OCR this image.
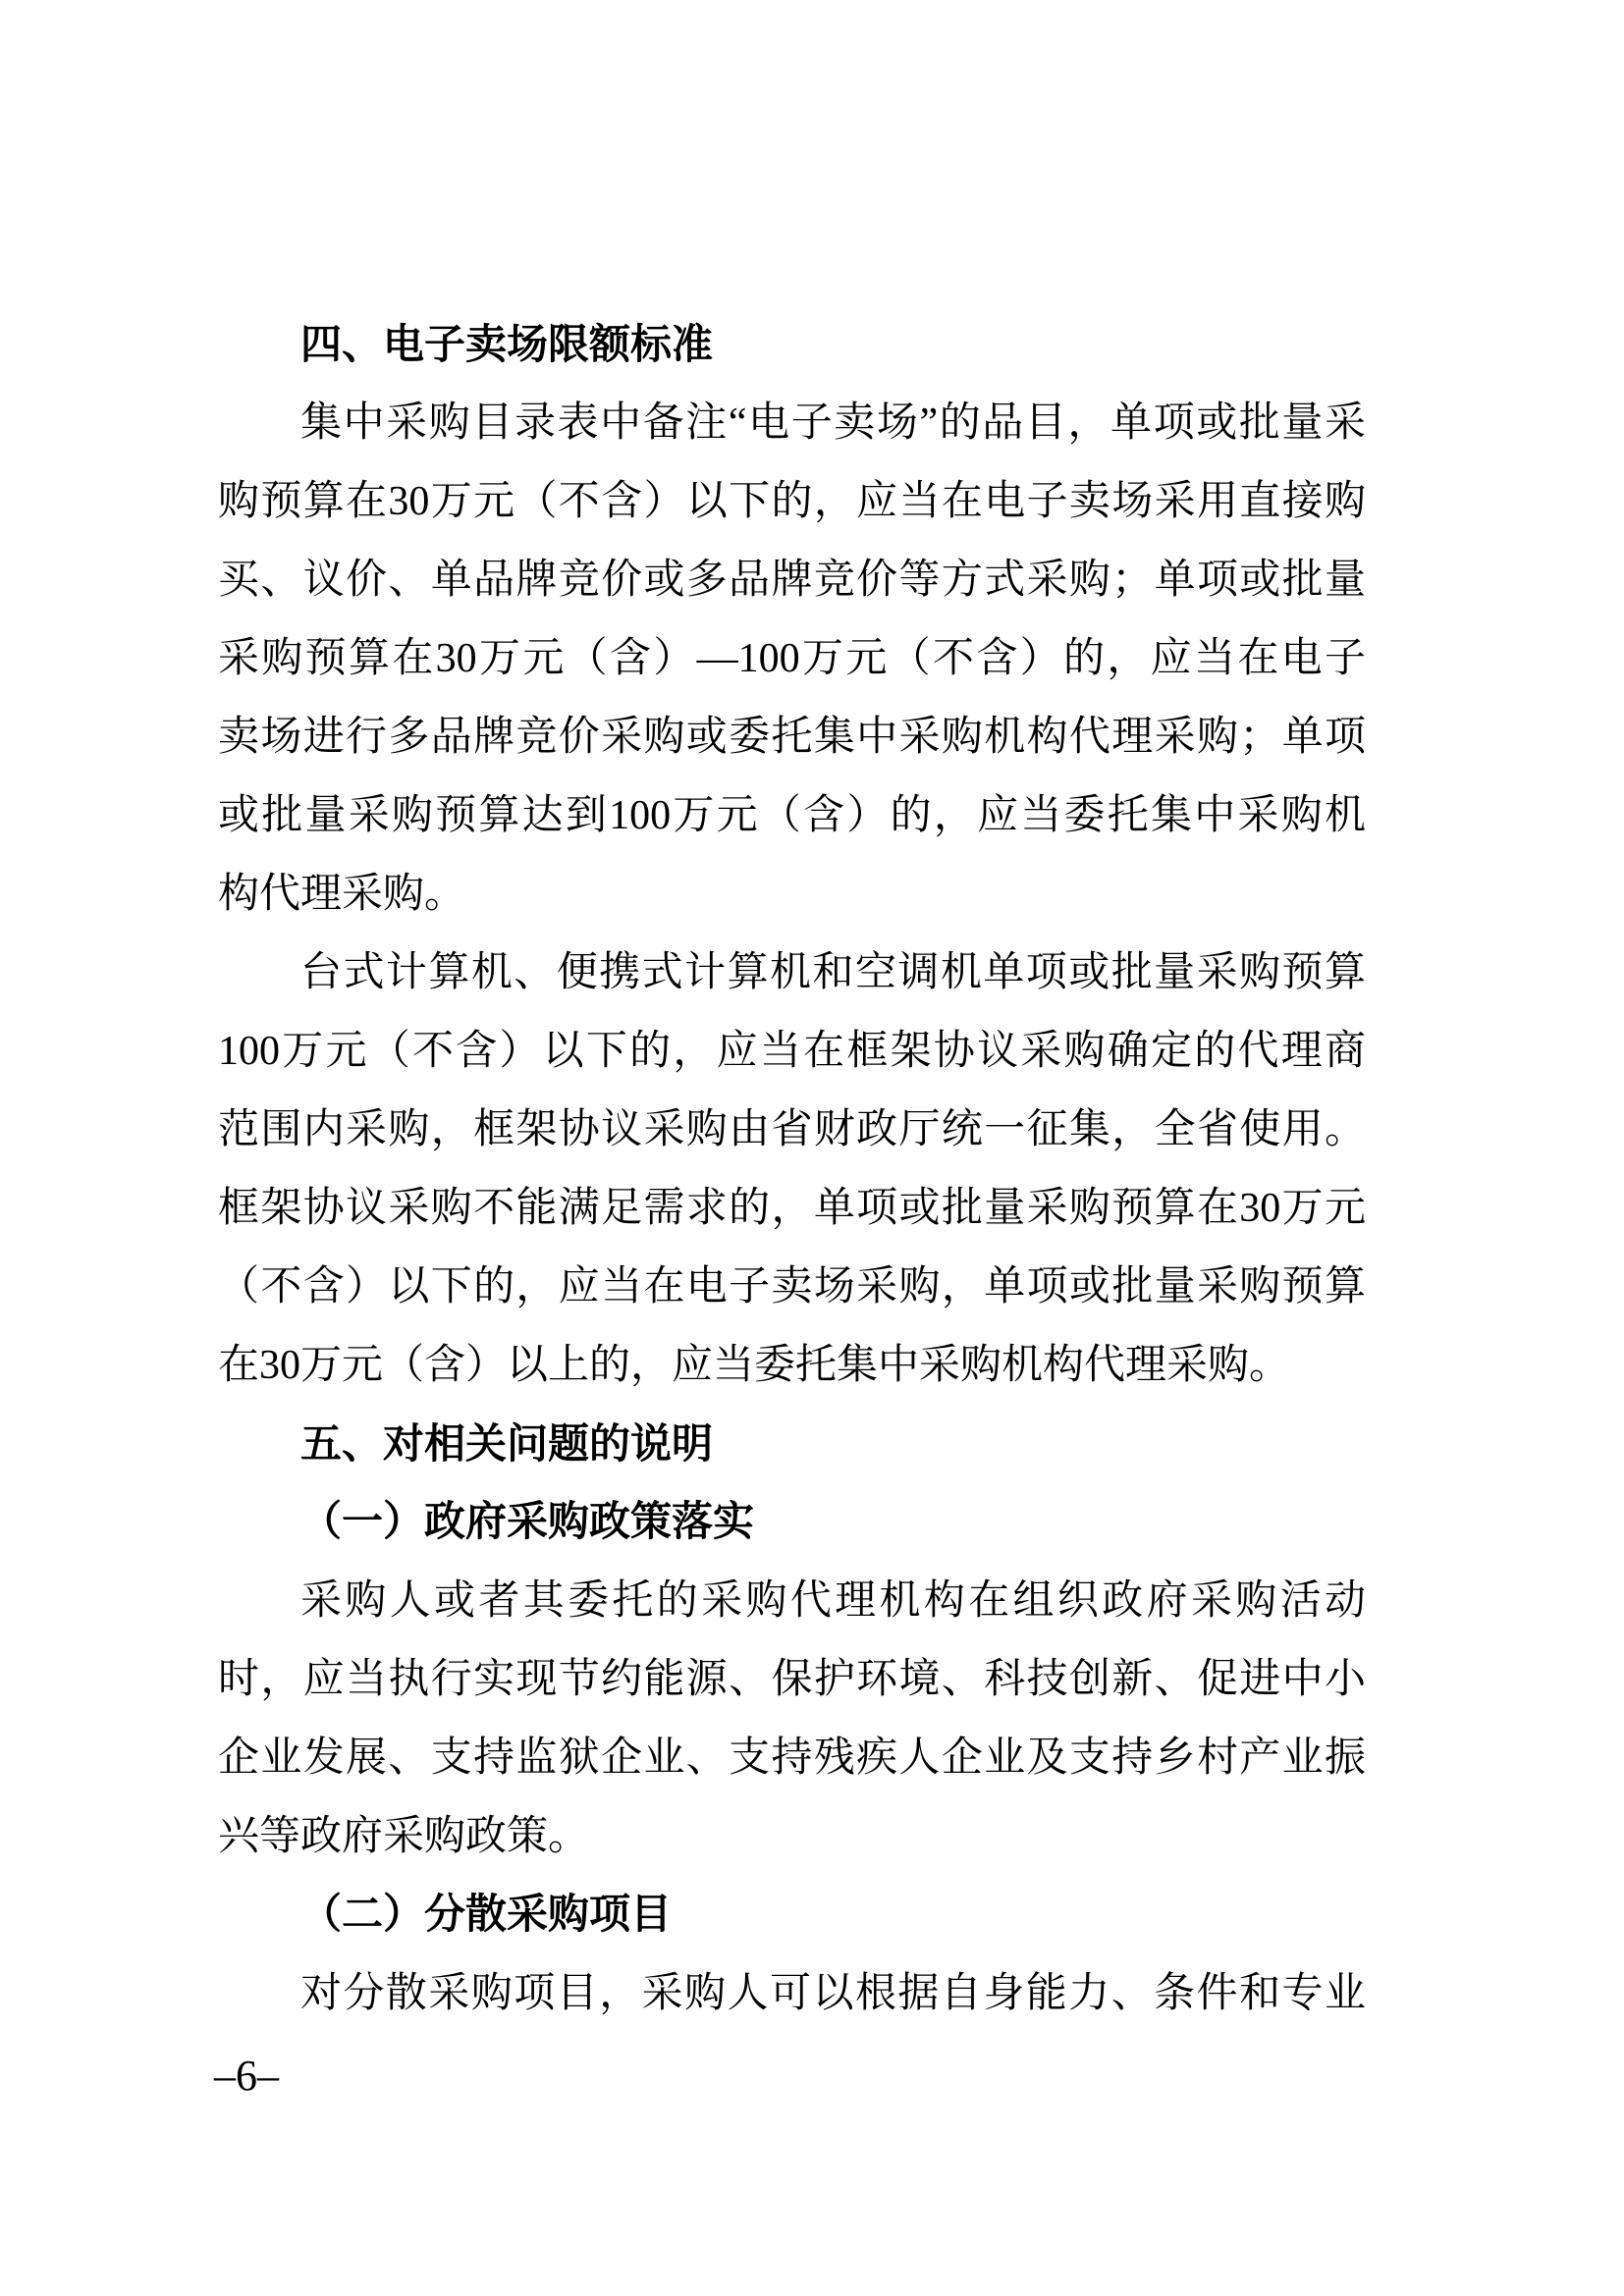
四、电子卖场限额标准
集中采购目录表中备注“电子卖场”的品目，单项或批量采
购预算在30万元（不含）以下的，应当在电子卖场采用直接购
买、议价、单品牌竞价或多品牌竞价等方式采购；单项或批量
采购预算在30万元（含）—100万元（不含）的，应当在电子
卖场进行多品牌竞价采购或委托集中采购机构代理采购；单项
或批量采购预算达到100万元（含）的，应当委托集中采购机
构代理采购。
台式计算机、便携式计算机和空调机单项或批量采购预算
100万元（不含）以下的，应当在框架协议采购确定的代理商
范围内采购，框架协议采购由省财政厅统一征集，全省使用。
框架协议采购不能满足需求的，单项或批量采购预算在30万元
（不含）以下的，应当在电子卖场采购，单项或批量采购预算
在30万元（含）以上的，应当委托集中采购机构代理采购。
五、对相关问题的说明
（一）政府采购政策落实
采购人或者其委托的采购代理机构在组织政府采购活动
时，应当执行实现节约能源、保护环境、科技创新、促进中小
企业发展、支持监狱企业、支持残疾人企业及支持乡村产业振
兴等政府采购政策。
（二）分散采购项目
对分散采购项目，采购人可以根据自身能力、条件和专业
–6–
